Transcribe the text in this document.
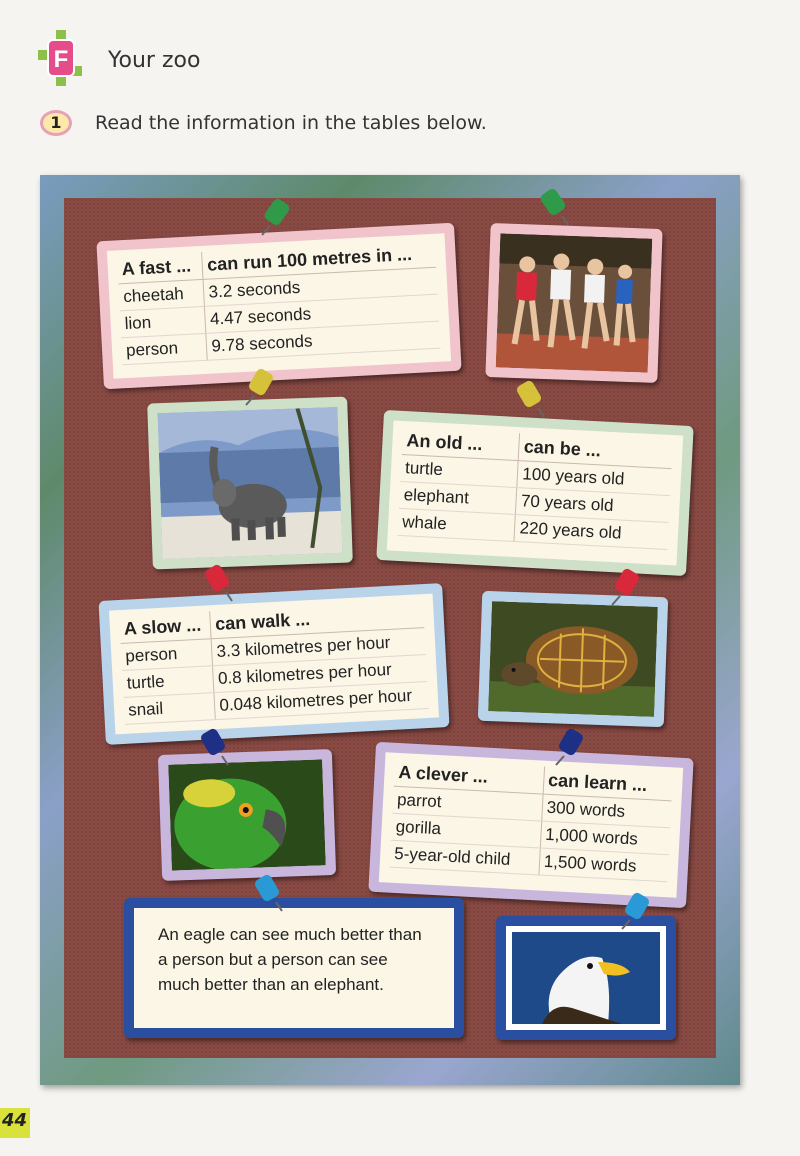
F Your zoo
1	Read the information in the tables below.
A fast ...	can run 100 metres in ...
cheetah	3.2 seconds
lion	4.47 seconds
person	9.78 seconds
An old ...	can be ...
turtle	100 years old
elephant	70 years old
whale	220 years old
A slow ...	can walk ...
person	3.3 kilometres per hour
turtle	0.8 kilometres per hour
snail	0.048 kilometres per hour
A clever ...	can learn ...
parrot	300 words
gorilla	1,000 words
5-year-old child	1,500 words
An eagle can see much better than a person but a person can see much better than an elephant.
44
